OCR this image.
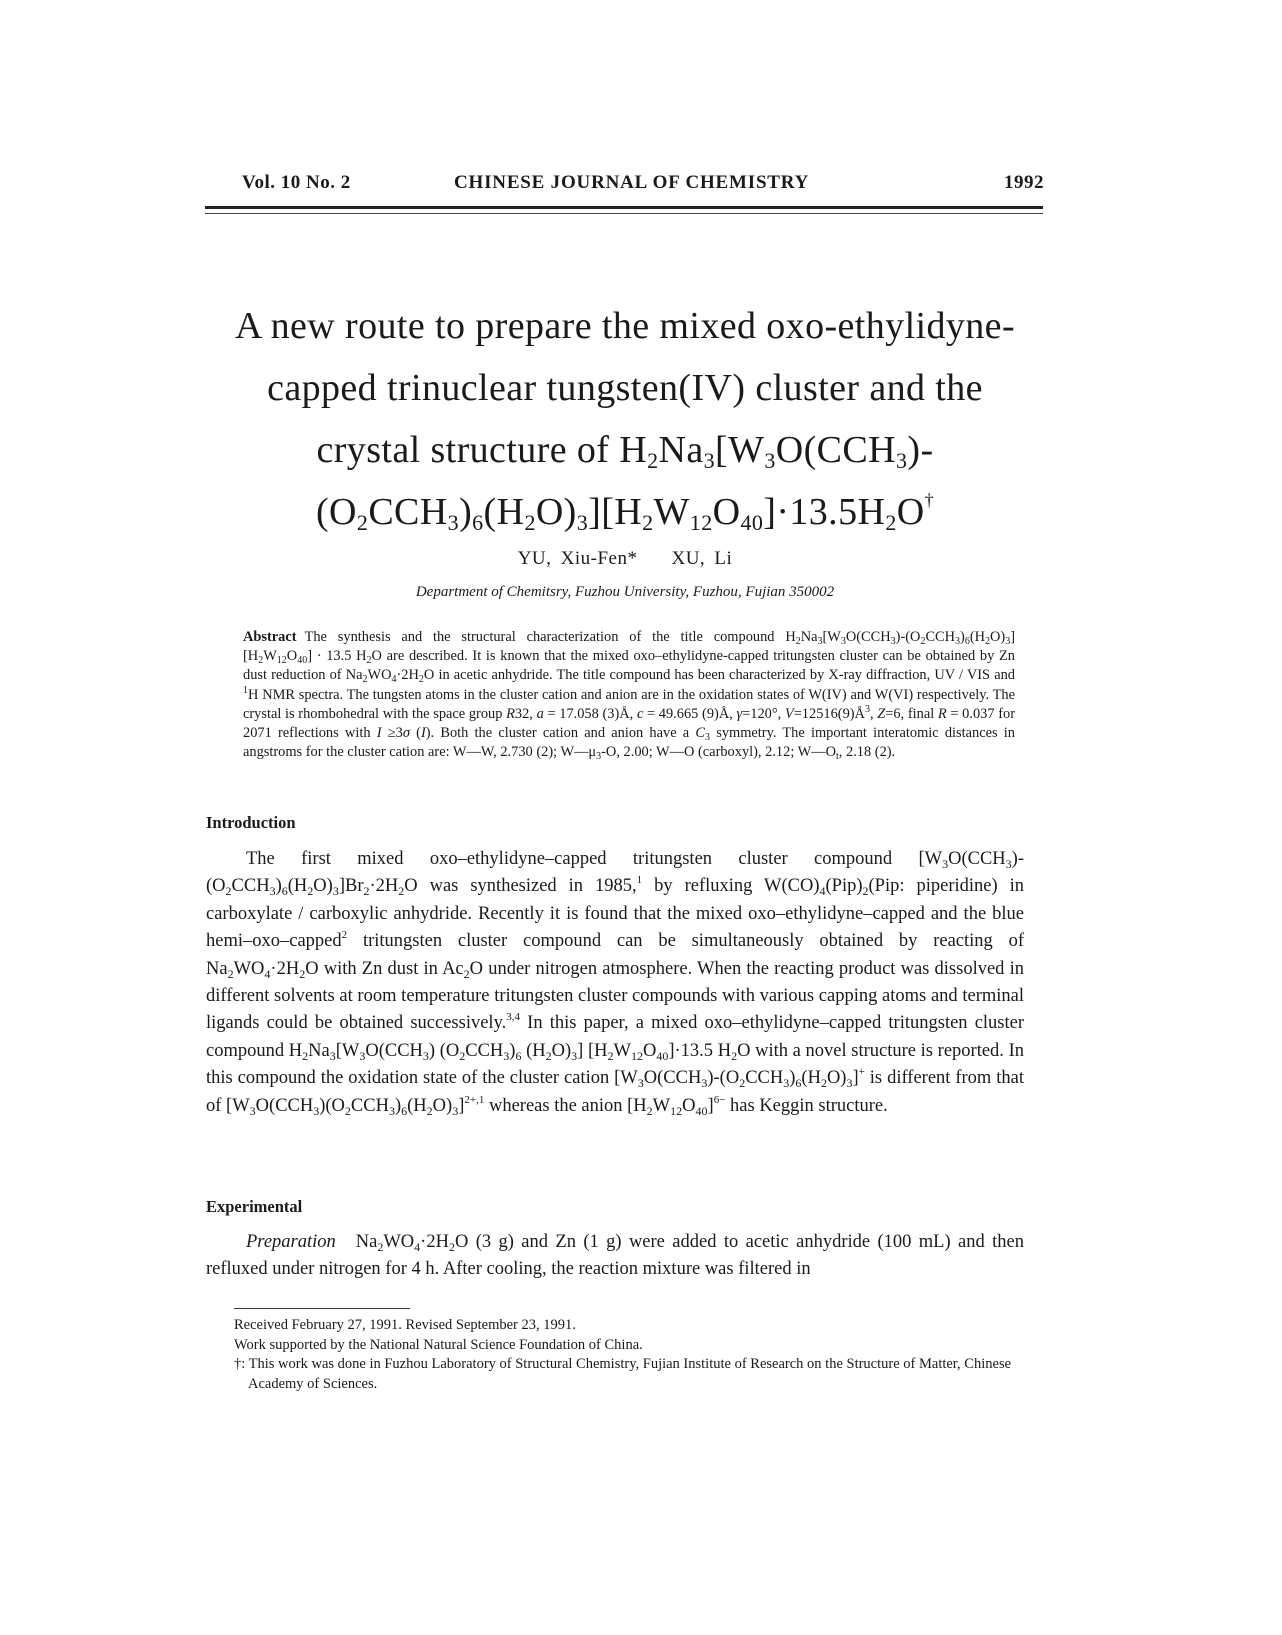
Vol. 10 No. 2	CHINESE JOURNAL OF CHEMISTRY	1992
A new route to prepare the mixed oxo-ethylidyne-
capped trinuclear tungsten(IV) cluster and the
crystal structure of $H_2Na_3[W_3O(CCH_3)-$
$(O_2CCH_3)_6(H_2O)_3][H_2W_{12}O_{40}]\cdot 13.5H_2O^\dagger$
YU, Xiu-Fen* XU, Li
Department of Chemitsry, Fuzhou University, Fuzhou, Fujian 350002
Abstract The synthesis and the structural characterization of the title compound $H_2Na_3[W_3O(CCH_3)-(O_2CCH_3)_6(H_2O)_3] [H_2W_{12}O_{40}] \cdot 13.5$ $H_2O$ are described. It is known that the mixed oxo–ethylidyne-capped tritungsten cluster can be obtained by Zn dust reduction of $Na_2WO_4\cdot 2H_2O$ in acetic anhydride. The title compound has been characterized by X-ray diffraction, UV / VIS and $^1$H NMR spectra. The tungsten atoms in the cluster cation and anion are in the oxidation states of W(IV) and W(VI) respectively. The crystal is rhombohedral with the space group R32, a = 17.058 (3)Å, c = 49.665 (9)Å, γ=120°, $V=12516(9)Å^3$, Z=6, final R = 0.037 for 2071 reflections with I ≥3σ (I). Both the cluster cation and anion have a $C_3$ symmetry. The important interatomic distances in angstroms for the cluster cation are: W—W, 2.730 (2); $W—\mu_3-O$, 2.00; W—O (carboxyl), 2.12; $W—O_t$, 2.18 (2).
Introduction

The first mixed oxo–ethylidyne–capped tritungsten cluster compound $[W_3O(CCH_3)-(O_2CCH_3)_6(H_2O)_3]Br_2\cdot 2H_2O$ was synthesized in 1985,$^1$ by refluxing $W(CO)_4(Pip)_2(Pip$: piperidine) in carboxylate / carboxylic anhydride. Recently it is found that the mixed oxo–ethylidyne–capped and the blue hemi–oxo–capped$^2$ tritungsten cluster compound can be simultaneously obtained by reacting of $Na_2WO_4\cdot 2H_2O$ with Zn dust in $Ac_2O$ under nitrogen atmosphere. When the reacting product was dissolved in different solvents at room temperature tritungsten cluster compounds with various capping atoms and terminal ligands could be obtained successively.$^{3,4}$ In this paper, a mixed oxo–ethylidyne–capped tritungsten cluster compound $H_2Na_3[W_3O(CCH_3)$ $(O_2CCH_3)_6$ $(H_2O)_3$] $[H_2W_{12}O_{40}]\cdot 13.5$ $H_2O$ with a novel structure is reported. In this compound the oxidation state of the cluster cation $[W_3O(CCH_3)-(O_2CCH_3)_6(H_2O)_3]^+$ is different from that of $[W_3O(CCH_3)(O_2CCH_3)_6(H_2O)_3]^{2+,1}$ whereas the anion $[H_2W_{12}O_{40}]^{6-}$ has Keggin structure.

Experimental

Preparation $Na_2WO_4\cdot 2H_2O$ (3 g) and Zn (1 g) were added to acetic anhydride (100 mL) and then refluxed under nitrogen for 4 h. After cooling, the reaction mixture was filtered in

Received February 27, 1991. Revised September 23, 1991.

Work supported by the National Natural Science Foundation of China.

†: This work was done in Fuzhou Laboratory of Structural Chemistry, Fujian Institute of Research on the Structure of Matter, Chinese Academy of Sciences.
